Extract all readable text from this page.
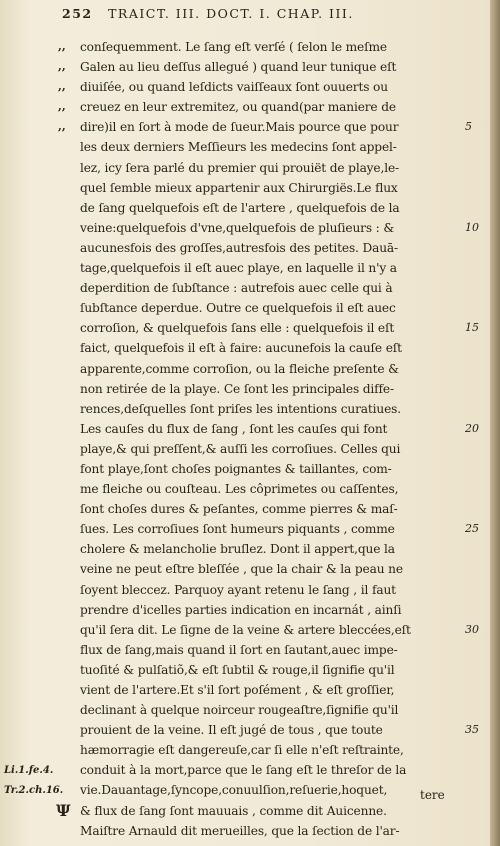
252 TRAICT. III. DOCT. I. CHAP. III.
conſequemment. Le ſang eſt verſé ( ſelon le meſme
Galen au lieu deſſus allegué ) quand leur tunique eſt
diuiſée, ou quand leſdicts vaiſſeaux ſont ouuerts ou
creuez en leur extremitez, ou quand(par maniere de
dire)il en ſort à mode de ſueur.Mais pource que pour
les deux derniers Meſſieurs les medecins ſont appel-
lez, icy ſera parlé du premier qui prouiët de playe,le-
quel ſemble mieux appartenir aux Chirurgiës.Le flux
de ſang quelquefois eſt de l'artere , quelquefois de la
veine:quelquefois d'vne,quelquefois de pluſieurs : &
aucunesfois des groſſes,autresfois des petites. Dauā-
tage,quelquefois il eſt auec playe, en laquelle il n'y a
deperdition de ſubſtance : autrefois auec celle qui à
ſubſtance deperdue. Outre ce quelquefois il eſt auec
corroſion, & quelquefois ſans elle : quelquefois il eſt
faict, quelquefois il eſt à faire: aucunefois la cauſe eſt
apparente,comme corroſion, ou la fleiche preſente &
non retirée de la playe. Ce ſont les principales diffe-
rences,deſquelles ſont priſes les intentions curatiues.
Les cauſes du flux de ſang , ſont les cauſes qui font
playe,& qui preſſent,& auſſi les corroſiues. Celles qui
font playe,ſont choſes poignantes & taillantes, com-
me fleiche ou couſteau. Les côprimetes ou caſſentes,
ſont choſes dures & peſantes, comme pierres & maſ-
ſues. Les corroſiues ſont humeurs piquants , comme
cholere & melancholie bruſlez. Dont il appert,que la
veine ne peut eſtre bleſſée , que la chair & la peau ne
ſoyent bleccez. Parquoy ayant retenu le ſang , il faut
prendre d'icelles parties indication en incarnát , ainſi
qu'il ſera dit. Le ſigne de la veine & artere bleccées,eſt
flux de ſang,mais quand il ſort en ſautant,auec impe-
tuoſité & pulſatiõ,& eſt ſubtil & rouge,il ſignifie qu'il
vient de l'artere.Et s'il ſort poſément , & eſt groſſier,
declinant à quelque noirceur rougeaſtre,ſignifie qu'il
prouient de la veine. Il eſt jugé de tous , que toute
hæmorragie eſt dangereuſe,car ſi elle n'eſt reſtrainte,
conduit à la mort,parce que le ſang eſt le threſor de la
vie.Dauantage,ſyncope,conuulſion,reſuerie,hoquet,
& flux de ſang ſont mauuais , comme dit Auicenne.
Maiſtre Arnauld dit merueilles, que la ſection de l'ar-
,,
,,
,,
,,
,,	5
10
15
20
25
30
35
Li.1.fe.4.
Tr.2.ch.16.
Ψ
tere
